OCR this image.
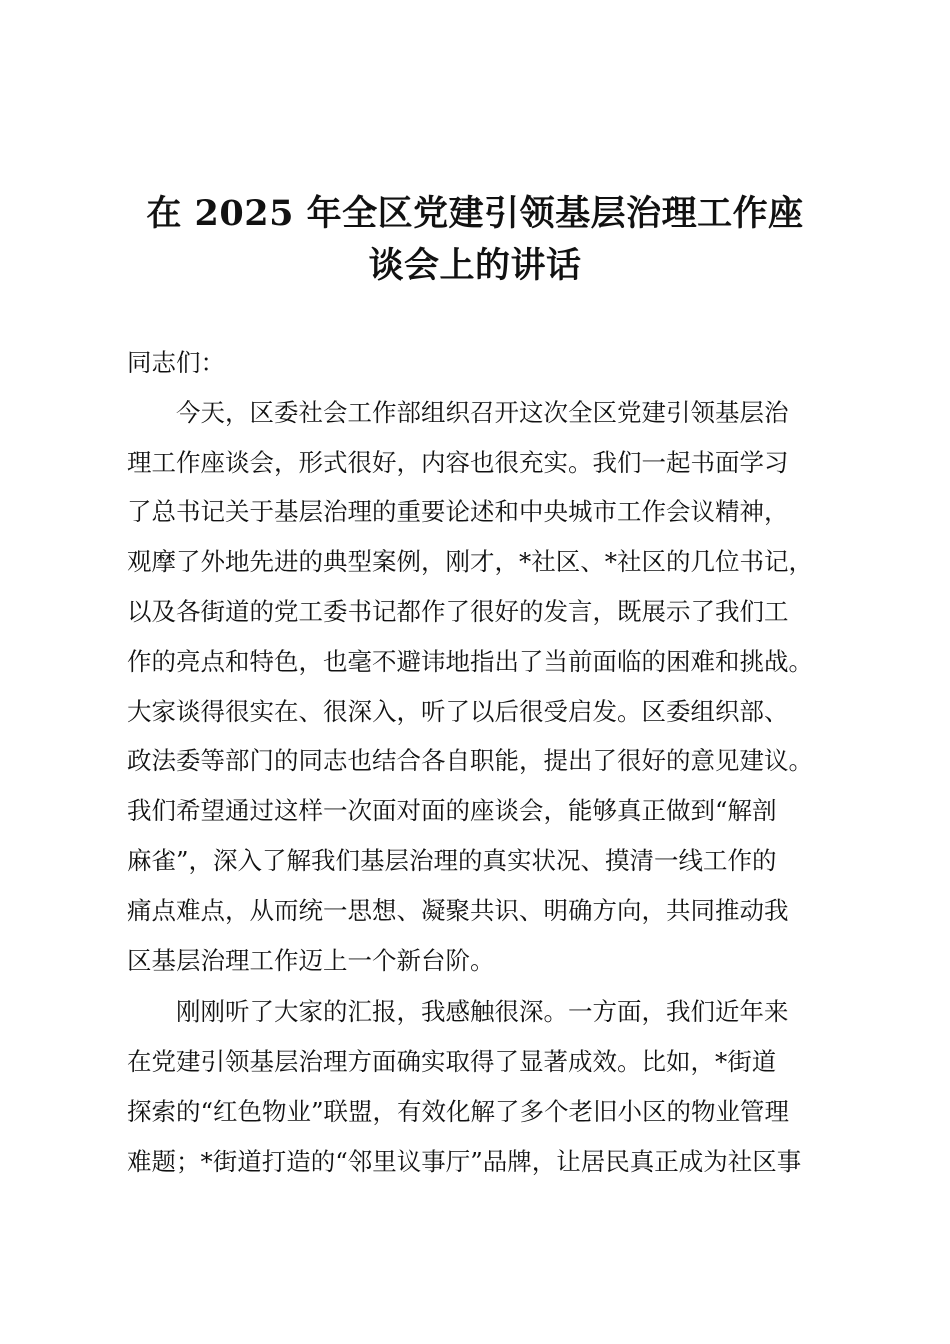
在 2025 年全区党建引领基层治理工作座
谈会上的讲话
同志们：
今天，区委社会工作部组织召开这次全区党建引领基层治
理工作座谈会，形式很好，内容也很充实。我们一起书面学习
了总书记关于基层治理的重要论述和中央城市工作会议精神，
观摩了外地先进的典型案例，刚才，*社区、*社区的几位书记，
以及各街道的党工委书记都作了很好的发言，既展示了我们工
作的亮点和特色，也毫不避讳地指出了当前面临的困难和挑战。
大家谈得很实在、很深入，听了以后很受启发。区委组织部、
政法委等部门的同志也结合各自职能，提出了很好的意见建议。
我们希望通过这样一次面对面的座谈会，能够真正做到“解剖
麻雀”，深入了解我们基层治理的真实状况、摸清一线工作的
痛点难点，从而统一思想、凝聚共识、明确方向，共同推动我
区基层治理工作迈上一个新台阶。
刚刚听了大家的汇报，我感触很深。一方面，我们近年来
在党建引领基层治理方面确实取得了显著成效。比如，*街道
探索的“红色物业”联盟，有效化解了多个老旧小区的物业管理
难题；*街道打造的“邻里议事厅”品牌，让居民真正成为社区事
